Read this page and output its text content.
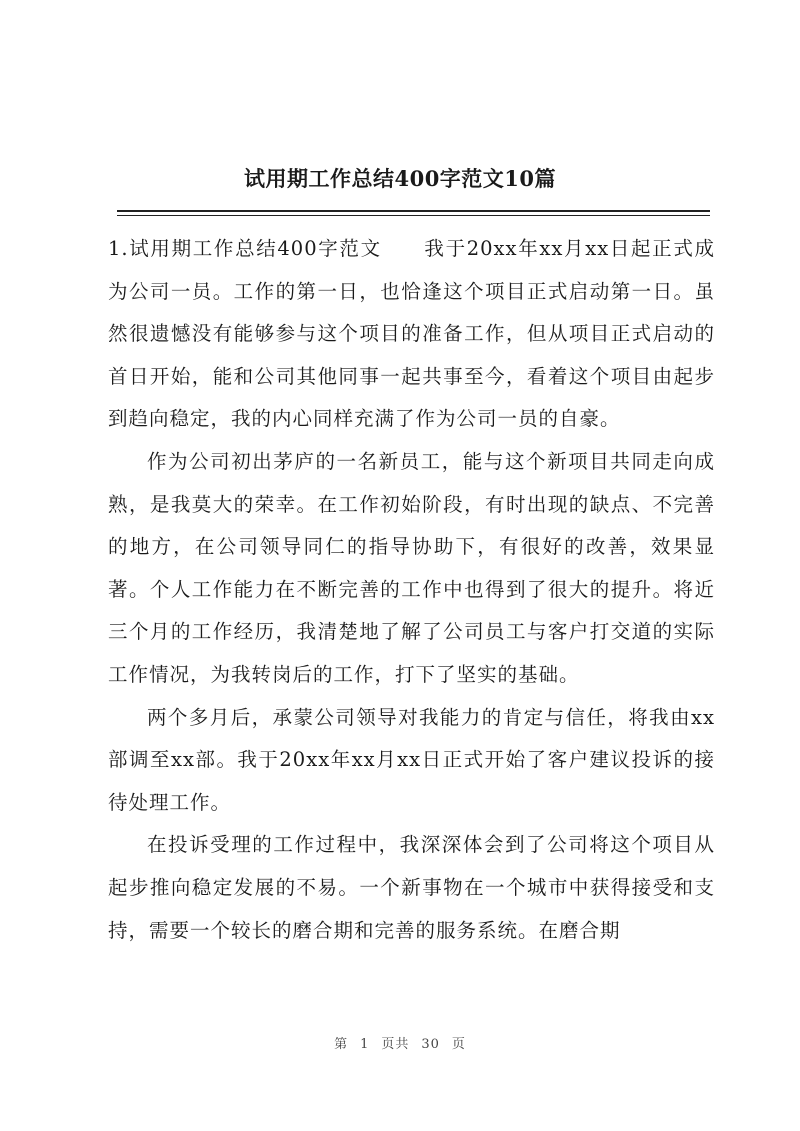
试用期工作总结400字范文10篇

1.试用期工作总结400字范文 我于20xx年xx月xx日起正式成为公司一员。工作的第一日，也恰逢这个项目正式启动第一日。虽然很遗憾没有能够参与这个项目的准备工作，但从项目正式启动的首日开始，能和公司其他同事一起共事至今，看着这个项目由起步到趋向稳定，我的内心同样充满了作为公司一员的自豪。

作为公司初出茅庐的一名新员工，能与这个新项目共同走向成熟，是我莫大的荣幸。在工作初始阶段，有时出现的缺点、不完善的地方，在公司领导同仁的指导协助下，有很好的改善，效果显著。个人工作能力在不断完善的工作中也得到了很大的提升。将近三个月的工作经历，我清楚地了解了公司员工与客户打交道的实际工作情况，为我转岗后的工作，打下了坚实的基础。

两个多月后，承蒙公司领导对我能力的肯定与信任，将我由xx部调至xx部。我于20xx年xx月xx日正式开始了客户建议投诉的接待处理工作。

在投诉受理的工作过程中，我深深体会到了公司将这个项目从起步推向稳定发展的不易。一个新事物在一个城市中获得接受和支持，需要一个较长的磨合期和完善的服务系统。在磨合期

第 1 页共 30 页
